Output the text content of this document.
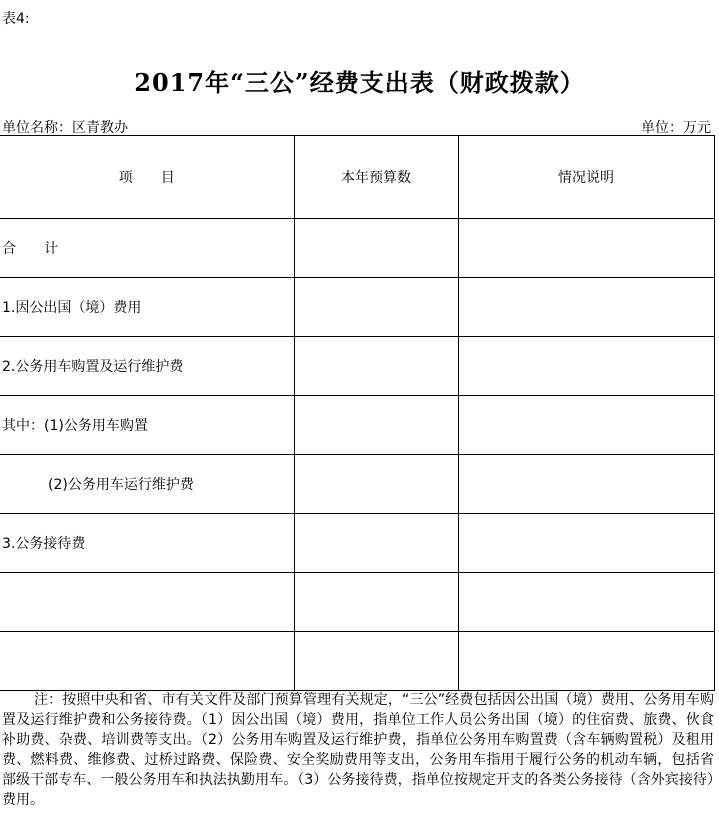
表4:
2017年“三公”经费支出表（财政拨款）
单位名称：区青教办	单位：万元
项　　目	本年预算数	情况说明
合　　计		
1.因公出国（境）费用		
2.公务用车购置及运行维护费		
其中：(1)公务用车购置		
(2)公务用车运行维护费		
3.公务接待费		

注：按照中央和省、市有关文件及部门预算管理有关规定，“三公”经费包括因公出国（境）费用、公务用车购置及运行维护费和公务接待费。（1）因公出国（境）费用，指单位工作人员公务出国（境）的住宿费、旅费、伙食补助费、杂费、培训费等支出。（2）公务用车购置及运行维护费，指单位公务用车购置费（含车辆购置税）及租用费、燃料费、维修费、过桥过路费、保险费、安全奖励费用等支出，公务用车指用于履行公务的机动车辆，包括省部级干部专车、一般公务用车和执法执勤用车。（3）公务接待费，指单位按规定开支的各类公务接待（含外宾接待）费用。
